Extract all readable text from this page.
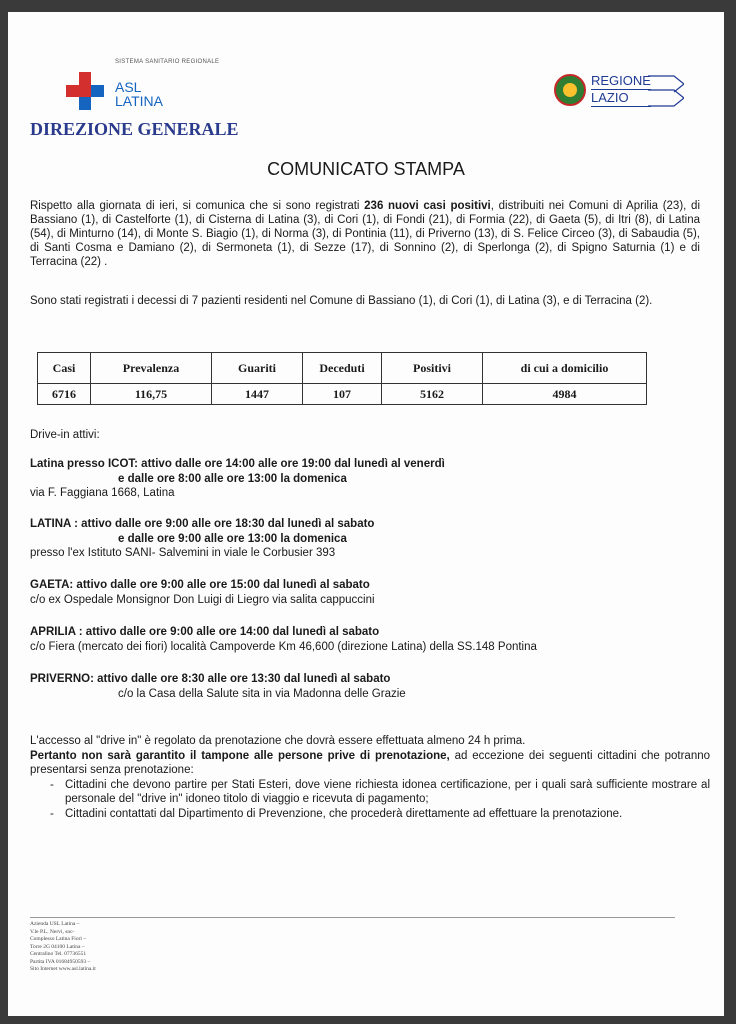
SISTEMA SANITARIO REGIONALE
ASL
LATINA
DIREZIONE GENERALE
REGIONE
LAZIO
COMUNICATO STAMPA
Rispetto alla giornata di ieri, si comunica che si sono registrati 236 nuovi casi positivi, distribuiti nei Comuni di Aprilia (23), di Bassiano (1), di Castelforte (1), di Cisterna di Latina (3), di Cori (1), di Fondi (21), di Formia (22), di Gaeta (5), di Itri (8), di Latina (54), di Minturno (14), di Monte S. Biagio (1), di Norma (3), di Pontinia (11), di Priverno (13), di S. Felice Circeo (3), di Sabaudia (5), di Santi Cosma e Damiano (2), di Sermoneta (1), di Sezze (17), di Sonnino (2), di Sperlonga (2), di Spigno Saturnia (1) e di Terracina (22) .
Sono stati registrati i decessi di 7 pazienti residenti nel Comune di Bassiano (1), di Cori (1), di Latina (3), e di Terracina (2).
Casi	Prevalenza	Guariti	Deceduti	Positivi	di cui a domicilio
6716	116,75	1447	107	5162	4984
Drive-in attivi:
Latina presso ICOT: attivo dalle ore 14:00 alle ore 19:00 dal lunedì al venerdì
e dalle ore 8:00 alle ore 13:00 la domenica
via F. Faggiana 1668, Latina
LATINA : attivo dalle ore 9:00 alle ore 18:30 dal lunedì al sabato
e dalle ore 9:00 alle ore 13:00 la domenica
presso l'ex Istituto SANI- Salvemini in viale le Corbusier 393
GAETA: attivo dalle ore 9:00 alle ore 15:00 dal lunedì al sabato
c/o ex Ospedale Monsignor Don Luigi di Liegro via salita cappuccini
APRILIA : attivo dalle ore 9:00 alle ore 14:00 dal lunedì al sabato
c/o Fiera (mercato dei fiori) località Campoverde Km 46,600 (direzione Latina) della SS.148 Pontina
PRIVERNO: attivo dalle ore 8:30 alle ore 13:30 dal lunedì al sabato
c/o la Casa della Salute sita in via Madonna delle Grazie
L'accesso al "drive in" è regolato da prenotazione che dovrà essere effettuata almeno 24 h prima.
Pertanto non sarà garantito il tampone alle persone prive di prenotazione, ad eccezione dei seguenti cittadini che potranno presentarsi senza prenotazione:
- Cittadini che devono partire per Stati Esteri, dove viene richiesta idonea certificazione, per i quali sarà sufficiente mostrare al personale del "drive in" idoneo titolo di viaggio e ricevuta di pagamento;
- Cittadini contattati dal Dipartimento di Prevenzione, che procederà direttamente ad effettuare la prenotazione.
Azienda USL Latina –
V.le P.L. Nervi, snc-
Complesso Latina Fiori –
Torre 2G 04100 Latina –
Centralino Tel. 07736551
Partita IVA 01684950593 –
Sito Internet www.asl.latina.it
